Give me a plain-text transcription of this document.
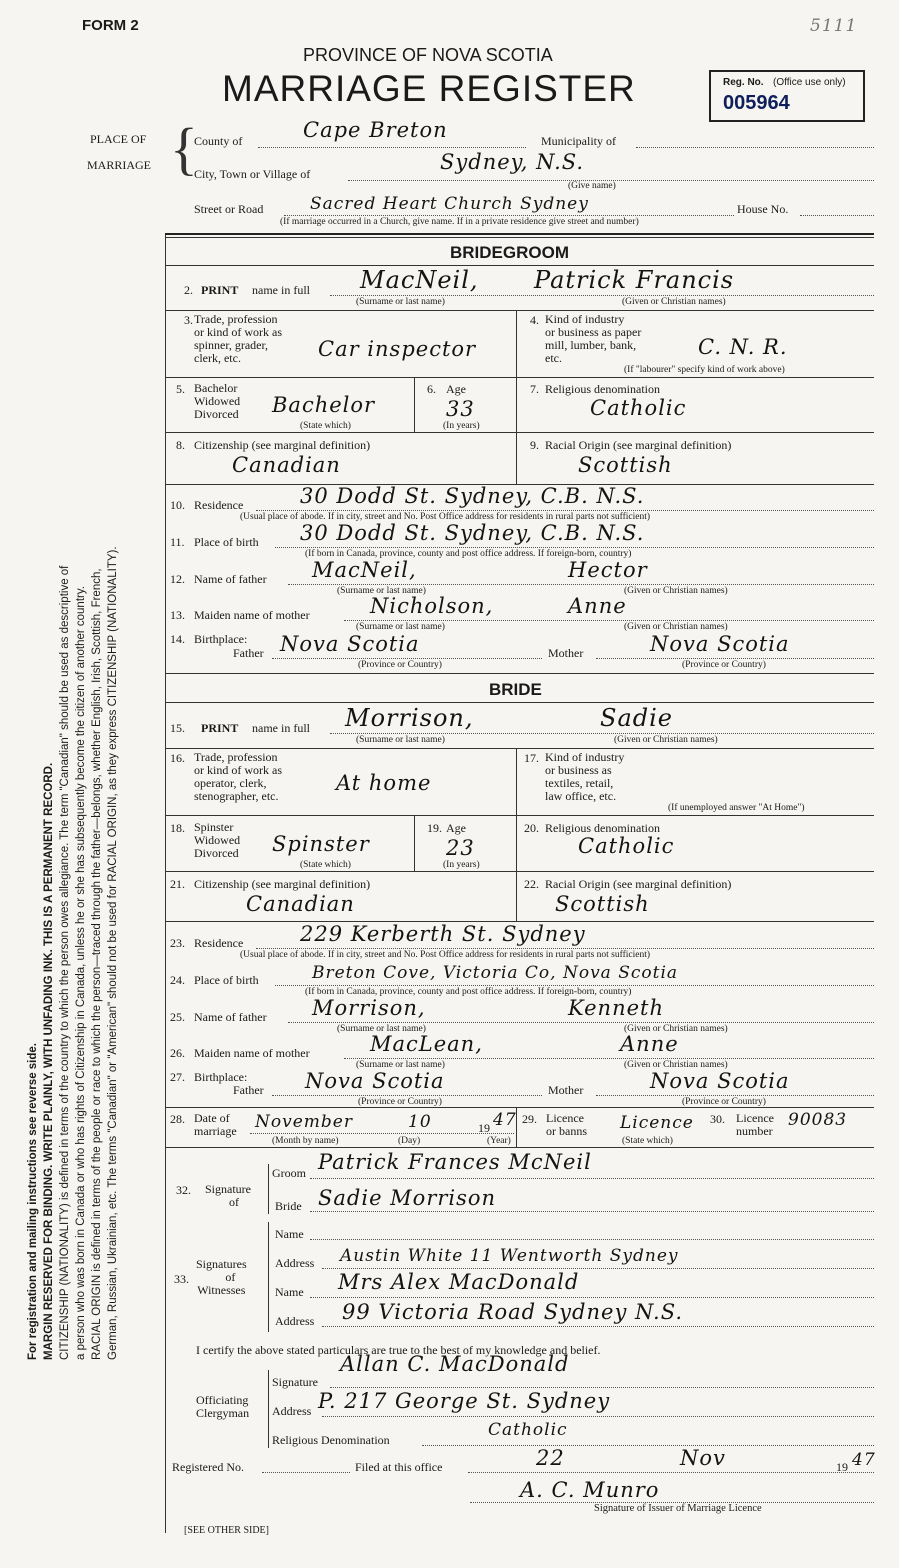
FORM 2	5111
PROVINCE OF NOVA SCOTIA
MARRIAGE REGISTER	Reg. No. (Office use only)
005964
PLACE OF
MARRIAGE {
County of	Cape Breton	Municipality of
City, Town or Village of	Sydney, N.S.
(Give name)
Street or Road	Sacred Heart Church Sydney	House No.
(If marriage occurred in a Church, give name. If in a private residence give street and number)
BRIDEGROOM
2. PRINT name in full MacNeil, Patrick Francis
(Surname or last name)	(Given or Christian names)
3. Trade, profession
or kind of work as
spinner, grader,
clerk, etc.	Car inspector
4. Kind of industry
or business as paper
mill, lumber, bank,
etc.	C. N. R.
(If "labourer" specify kind of work above)
5. Bachelor
Widowed
Divorced Bachelor
(State which)
6. Age
33
(In years)
7. Religious denomination
Catholic
8. Citizenship (see marginal definition)
Canadian
9. Racial Origin (see marginal definition)
Scottish
10. Residence	30 Dodd St. Sydney, C.B. N.S.
(Usual place of abode. If in city, street and No. Post Office address for residents in rural parts not sufficient)
11. Place of birth 30 Dodd St. Sydney, C.B. N.S.
(If born in Canada, province, county and post office address. If foreign-born, country)
12. Name of father MacNeil,	Hector
(Surname or last name)	(Given or Christian names)
13. Maiden name of mother	Nicholson,	Anne
(Surname or last name)	(Given or Christian names)
14. Birthplace:
Father Nova Scotia	Mother	Nova Scotia
(Province or Country)	(Province or Country)
BRIDE
15. PRINT name in full Morrison,	Sadie
(Surname or last name)	(Given or Christian names)
16. Trade, profession
or kind of work as
operator, clerk,
stenographer, etc.
At home
17. Kind of industry
or business as
textiles, retail,
law office, etc.
(If unemployed answer "At Home")
18. Spinster
Widowed
Divorced Spinster
(State which)
19. Age
23
(In years)
20. Religious denomination
Catholic
21. Citizenship (see marginal definition)
Canadian
22. Racial Origin (see marginal definition)
Scottish
23. Residence	229 Kerberth St. Sydney
(Usual place of abode. If in city, street and No. Post Office address for residents in rural parts not sufficient)
24. Place of birth	Breton Cove, Victoria Co, Nova Scotia
(If born in Canada, province, county and post office address. If foreign-born, country)
25. Name of father Morrison,	Kenneth
(Surname or last name)	(Given or Christian names)
26. Maiden name of mother	MacLean,	Anne
(Surname or last name)	(Given or Christian names)
27. Birthplace:
Father Nova Scotia	Mother	Nova Scotia
(Province or Country)	(Province or Country)
28. Date of
marriage November	10	19 47
(Month by name)	(Day)	(Year)
29. Licence
or banns Licence
(State which)
30. Licence
number
90083
32. Signature
of
Groom Patrick Frances McNeil
Bride Sadie Morrison
33.
Signatures
of
Witnesses
Name
Address Austin White 11 Wentworth Sydney
Name Mrs Alex MacDonald
Address 99 Victoria Road Sydney N.S.
I certify the above stated particulars are true to the best of my knowledge and belief.
Officiating
Clergyman
Signature
Allan C. MacDonald
Address P. 217 George St. Sydney
Religious Denomination	Catholic
Registered No.	Filed at this office	22	Nov	19 47
A. C. Munro
Signature of Issuer of Marriage Licence
[SEE OTHER SIDE]

For registration and mailing instructions see reverse side. MARGIN RESERVED FOR BINDING. WRITE PLAINLY, WITH UNFADING INK. THIS IS A PERMANENT RECORD. CITIZENSHIP (NATIONALITY) is defined in terms of the country to which the person owes allegiance. The term "Canadian" should be used as descriptive of a person who was born in Canada or who has rights of Citizenship in Canada, unless he or she has subsequently become the citizen of another country. RACIAL ORIGIN is defined in terms of the people or race to which the person—traced through the father—belongs, whether English, Irish, Scottish, French, German, Russian, Ukrainian, etc. The terms "Canadian" or "American" should not be used for RACIAL ORIGIN, as they express CITIZENSHIP (NATIONALITY).
